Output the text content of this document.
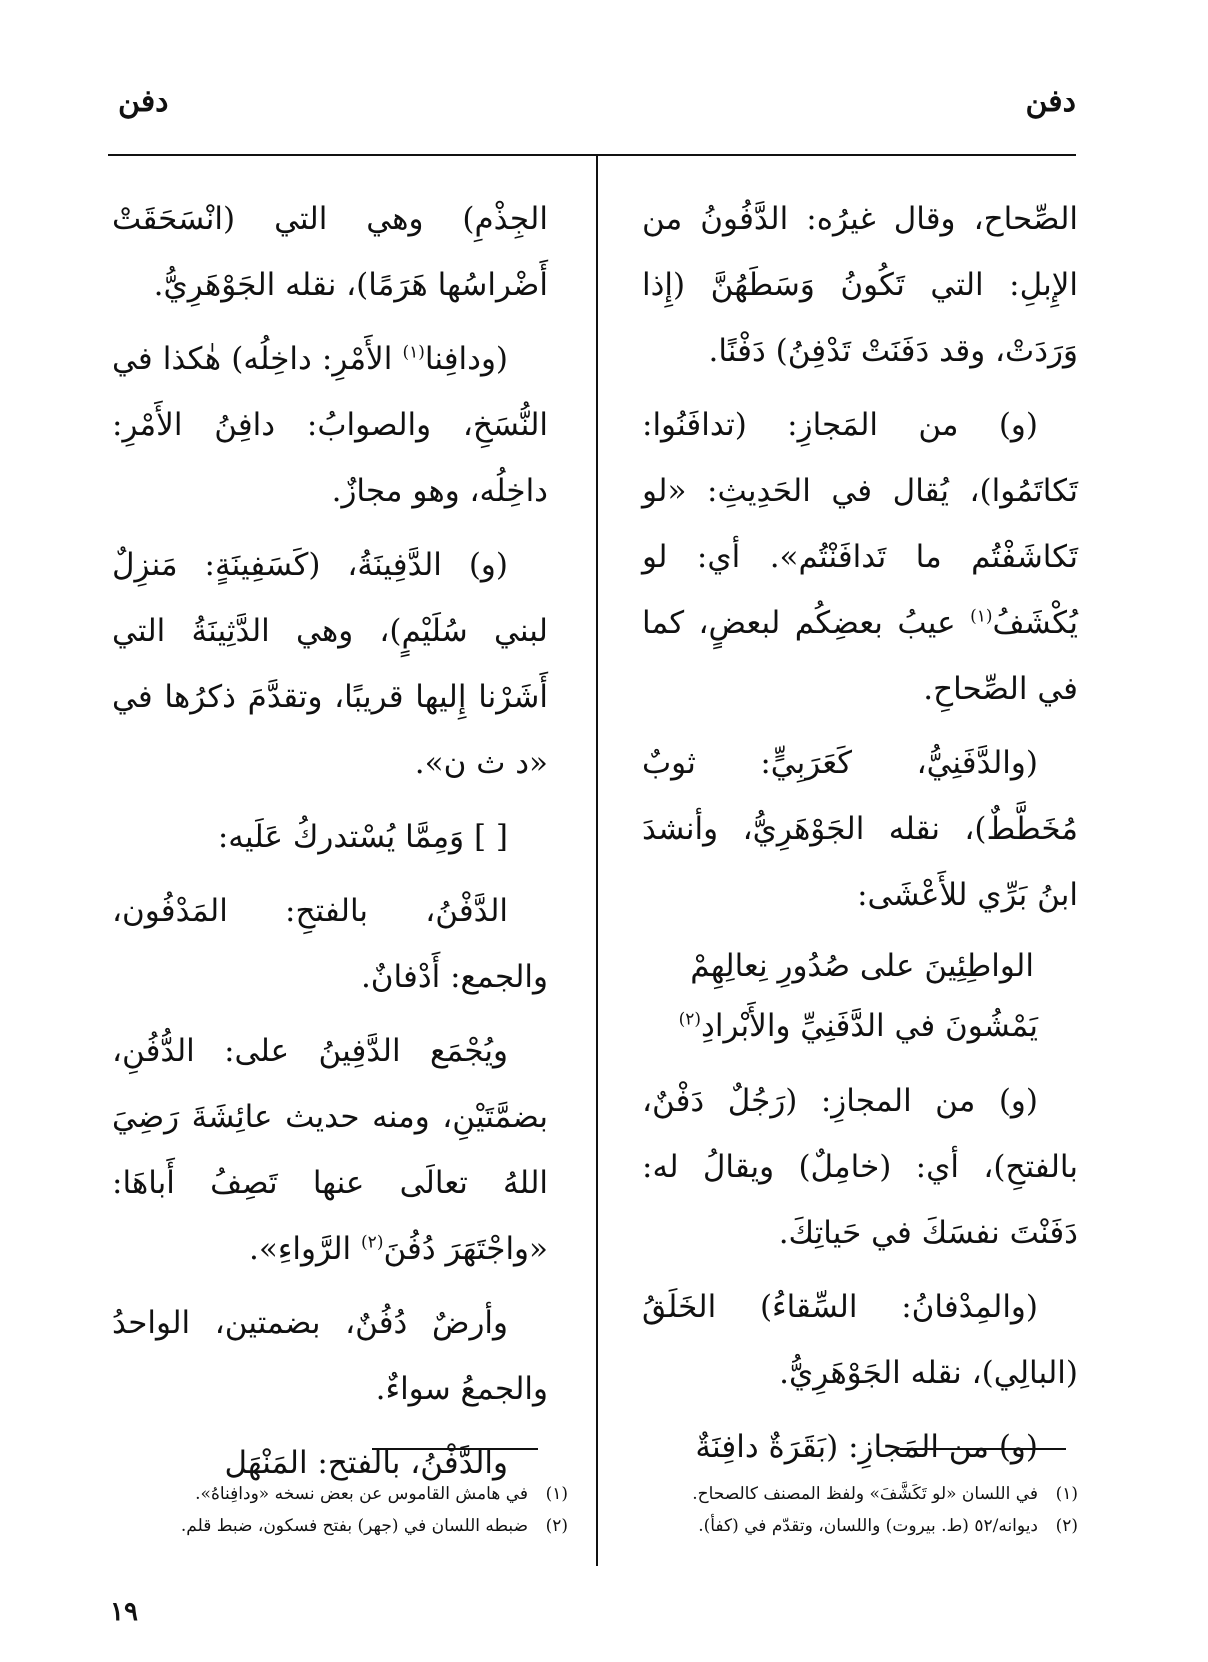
دفن
دفن

الصِّحاح، وقال غيرُه: الدَّفُونُ من الإِبلِ: التي تَكُونُ وَسَطَهُنَّ (إِذا وَرَدَتْ، وقد دَفَنَتْ تَدْفِنُ) دَفْنًا.

(و) من المَجازِ: (تدافَنُوا: تَكاتَمُوا)، يُقال في الحَدِيثِ: «لو تَكاشَفْتُم ما تَدافَنْتُم». أي: لو يُكْشَفُ$^{(١)}$ عيبُ بعضِكُم لبعضٍ، كما في الصِّحاحِ.

(والدَّفَنِيُّ، كَعَرَبِيٍّ: ثوبٌ مُخَطَّطٌ)، نقله الجَوْهَرِيُّ، وأنشدَ ابنُ بَرِّي للأَعْشَى:

الواطِئِينَ على صُدُورِ نِعالِهِمْ

يَمْشُونَ في الدَّفَنِيِّ والأَبْرادِ$^{(٢)}$

(و) من المجازِ: (رَجُلٌ دَفْنٌ، بالفتحِ)، أي: (خامِلٌ) ويقالُ له: دَفَنْتَ نفسَكَ في حَياتِكَ.

(والمِدْفانُ: السِّقاءُ) الخَلَقُ (البالِي)، نقله الجَوْهَرِيُّ.

(و) من المَجازِ: (بَقَرَةٌ دافِنَةٌ

الجِذْمِ) وهي التي (انْسَحَقَتْ أَضْراسُها هَرَمًا)، نقله الجَوْهَرِيُّ.

(ودافِنا$^{(١)}$ الأَمْرِ: داخِلُه) هٰكذا في النُّسَخِ، والصوابُ: دافِنُ الأَمْرِ: داخِلُه، وهو مجازٌ.

(و) الدَّفِينَةُ، (كَسَفِينَةٍ: مَنزِلٌ لبني سُلَيْمٍ)، وهي الدَّثِينَةُ التي أَشَرْنا إِليها قريبًا، وتقدَّمَ ذكرُها في «د ث ن».

[ ] وَمِمَّا يُسْتدركُ عَلَيه:

الدَّفْنُ، بالفتحِ: المَدْفُون، والجمع: أَدْفانٌ.

ويُجْمَع الدَّفِينُ على: الدُّفُنِ، بضمَّتَيْنِ، ومنه حديث عائِشَةَ رَضِيَ اللهُ تعالَى عنها تَصِفُ أَباهَا: «واجْتَهَرَ دُفُنَ$^{(٢)}$ الرَّواءِ».

وأرضٌ دُفُنٌ، بضمتين، الواحدُ والجمعُ سواءٌ.

والدَّفْنُ، بالفتح: المَنْهَل

(١)في اللسان «لو تَكَشَّفَ» ولفظ المصنف كالصحاح.

(٢)ديوانه/٥٢ (ط. بيروت) واللسان، وتقدّم في (كفأ).

(١)في هامش القاموس عن بعض نسخه «ودافِناهُ».

(٢)ضبطه اللسان في (جهر) بفتح فسكون، ضبط قلم.

١٩
